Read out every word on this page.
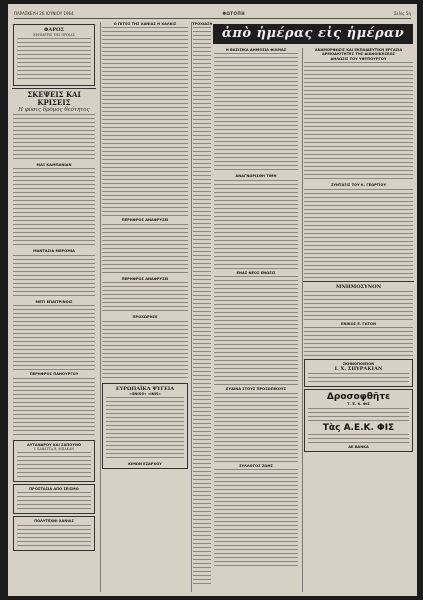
ΠΑΡΑΣΚΕΥΗ 26 ΙΟΥΝΙΟΥ 1964	ΦΩΤΟΠΗ	Σελίς 5η
ΦΑΡΟΣ
ΕΦΗΜΕΡΙΣ ΤΗΣ ΠΡΩΙΑΣ
ΣΚΕΨΕΙΣ ΚΑΙ ΚΡΙΣΕΙΣ
Η φύσις δρόμος θεότητος
ΜΑΞ ΚΑΜΠΑΝΙΑΝ
ΜΑΝΤΑΣΙΑ ΜΕΡΟΜΙΑ
ΜΕΤΙ ΕΠΑΙΤΡΙΝΟΙΣ
ΠΕΡΗΦΡΟΣ ΠΑΝΟΥΡΓΟΥ
ΑΥΤΑΝΔΡΟΥ ΚΑΙ ΣΑΠΟΥΝΟ
Ι. ΚΑΒΑΤΤΑ Β. ΜΠΑΚΑΝ
ΠΡΟΣΤΑΣΙΑ ΑΠΟ ΣΕΙΣΜΟ
ΠΟΛΥΤΕΧΝΙ ΧΑΝΙΑΣ
Ο ΠΙΤΟΣ ΤΗΣ ΧΑΝΙΑΣ Η ΧΑΛΚΙΣ
ΠΕΡΗΦΡΟΣ ΑΝΑΦΡΥΣΕΙ
ΠΕΡΗΦΡΟΣ ΑΝΑΦΡΥΣΕΙ
ΠΡΟΧΩΡΗΣΕ
ΕΥΡΩΠΑΪΚΑ ΨΥΓΕΙΑ
«GNISO» «INIS»
ΚΙΜΩΝ ΕΣΑΡΧΟΥ
ΤΡΟΧΙΑΣΗ
ἀπὸ ἡμέρας εἰς ἡμέραν
Η ΒΑΣΙΣΙΚΑ ΔΗΜΟΣΙΑ ΦΙΛΜΑΣ
ΑΝΑΓΝΩΡΙΣΘΗ ΤΙΜΗ
ΕΝΑΣ ΝΕΟΣ ΕΝΩΣΙΣ
ΕΥΔΙΝΑ ΣΤΟΥΣ ΠΡΟΣΩΠΙΚΟΥΣ
ΣΥΛΛΟΓΟΣ ΖΩΗΣ
ΑΝΑΜΟΡΦΩΣΙΣ ΚΑΙ ΕΚΠΑΙΔΕΥΤΙΚΗ ΕΡΓΑΣΙΑ
ΑΡΜΟΔΙΟΤΗΤΕΣ ΤΗΣ ΔΙΑΝΟΙΚΗΣΕΩΣ
ΔΗΛΩΣΙΣ ΤΟΥ ΥΦΥΠΟΥΡΓΟΥ
ΣΥΝΤΑΞΙΣ ΤΟΥ Κ. ΓΕΩΡΓΙΟΥ
ΜΝΗΜΟΣΥΝΟΝ
ΕΝΙΚΟΣ Ε. ΓΑΤΟΝ
ΣΚΗΝΟΠΟΙΕΙΟΝ
Ι. Χ. ΣΠΥΡΑΚΙΑΝ
Δροσοφθῆτε
Τ. Ἐ. Κ. ΦΙΣ
Τὰς Α.Ε.Κ. ΦΙΣ
ΑΕ ΒΑΝΚΑ
